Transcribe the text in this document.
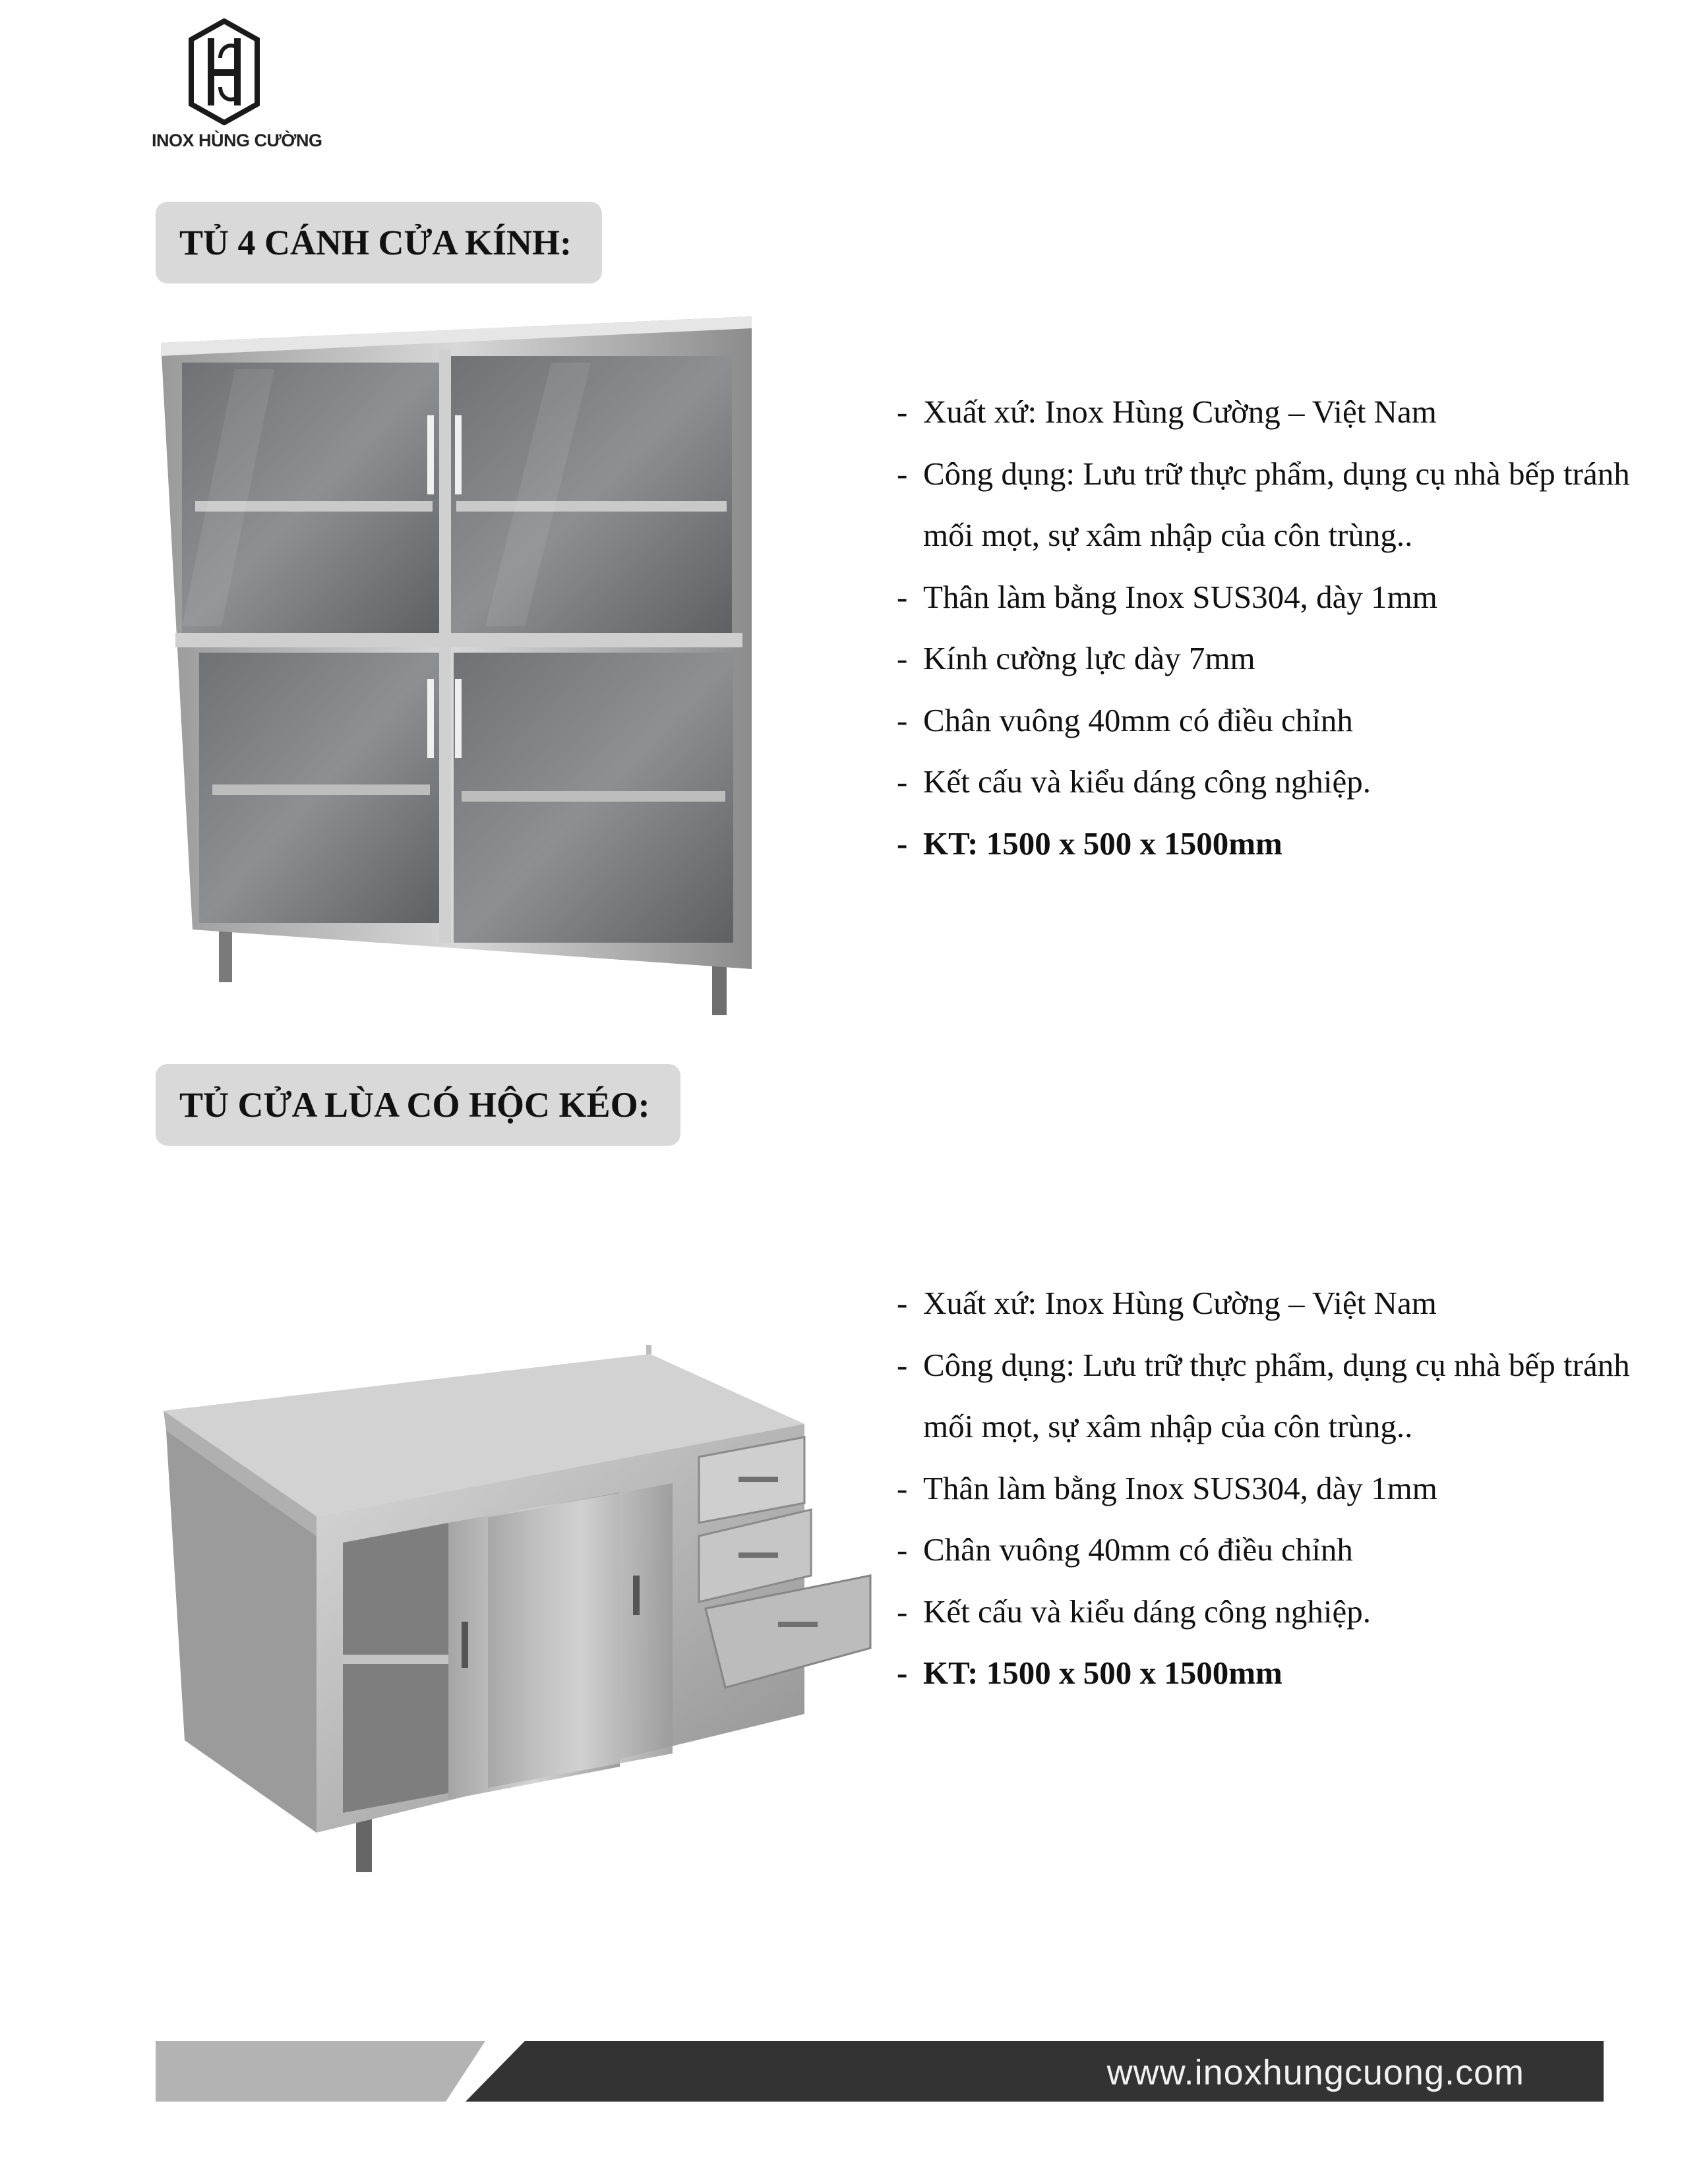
INOX HÙNG CƯỜNG
TỦ 4 CÁNH CỬA KÍNH:
- Xuất xứ: Inox Hùng Cường – Việt Nam
- Công dụng: Lưu trữ thực phẩm, dụng cụ nhà bếp tránh mối mọt, sự xâm nhập của côn trùng..
- Thân làm bằng Inox SUS304, dày 1mm
- Kính cường lực dày 7mm
- Chân vuông 40mm có điều chỉnh
- Kết cấu và kiểu dáng công nghiệp.
- KT: 1500 x 500 x 1500mm
TỦ CỬA LÙA CÓ HỘC KÉO:
- Xuất xứ: Inox Hùng Cường – Việt Nam
- Công dụng: Lưu trữ thực phẩm, dụng cụ nhà bếp tránh mối mọt, sự xâm nhập của côn trùng..
- Thân làm bằng Inox SUS304, dày 1mm
- Chân vuông 40mm có điều chỉnh
- Kết cấu và kiểu dáng công nghiệp.
- KT: 1500 x 500 x 1500mm
www.inoxhungcuong.com
